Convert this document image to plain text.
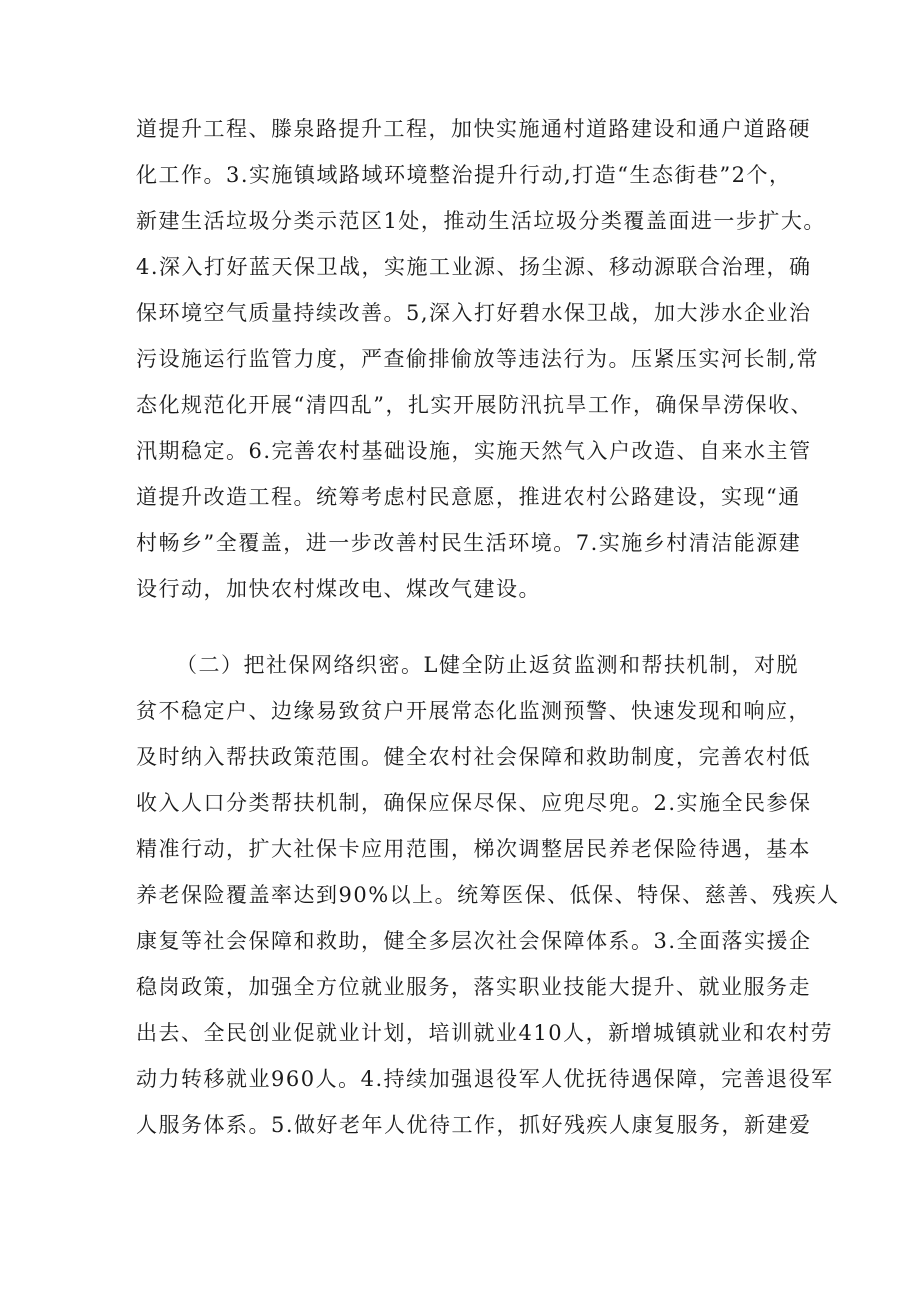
道提升工程、滕泉路提升工程，加快实施通村道路建设和通户道路硬
化工作。3.实施镇域路域环境整治提升行动,打造“生态街巷”2个，
新建生活垃圾分类示范区1处，推动生活垃圾分类覆盖面进一步扩大。
4.深入打好蓝天保卫战，实施工业源、扬尘源、移动源联合治理，确
保环境空气质量持续改善。5,深入打好碧水保卫战，加大涉水企业治
污设施运行监管力度，严查偷排偷放等违法行为。压紧压实河长制,常
态化规范化开展“清四乱”，扎实开展防汛抗旱工作，确保旱涝保收、
汛期稳定。6.完善农村基础设施，实施天然气入户改造、自来水主管
道提升改造工程。统筹考虑村民意愿，推进农村公路建设，实现“通
村畅乡”全覆盖，进一步改善村民生活环境。7.实施乡村清洁能源建
设行动，加快农村煤改电、煤改气建设。
（二）把社保网络织密。L健全防止返贫监测和帮扶机制，对脱
贫不稳定户、边缘易致贫户开展常态化监测预警、快速发现和响应，
及时纳入帮扶政策范围。健全农村社会保障和救助制度，完善农村低
收入人口分类帮扶机制，确保应保尽保、应兜尽兜。2.实施全民参保
精准行动，扩大社保卡应用范围，梯次调整居民养老保险待遇，基本
养老保险覆盖率达到90%以上。统筹医保、低保、特保、慈善、残疾人
康复等社会保障和救助，健全多层次社会保障体系。3.全面落实援企
稳岗政策，加强全方位就业服务，落实职业技能大提升、就业服务走
出去、全民创业促就业计划，培训就业410人，新增城镇就业和农村劳
动力转移就业960人。4.持续加强退役军人优抚待遇保障，完善退役军
人服务体系。5.做好老年人优待工作，抓好残疾人康复服务，新建爱
